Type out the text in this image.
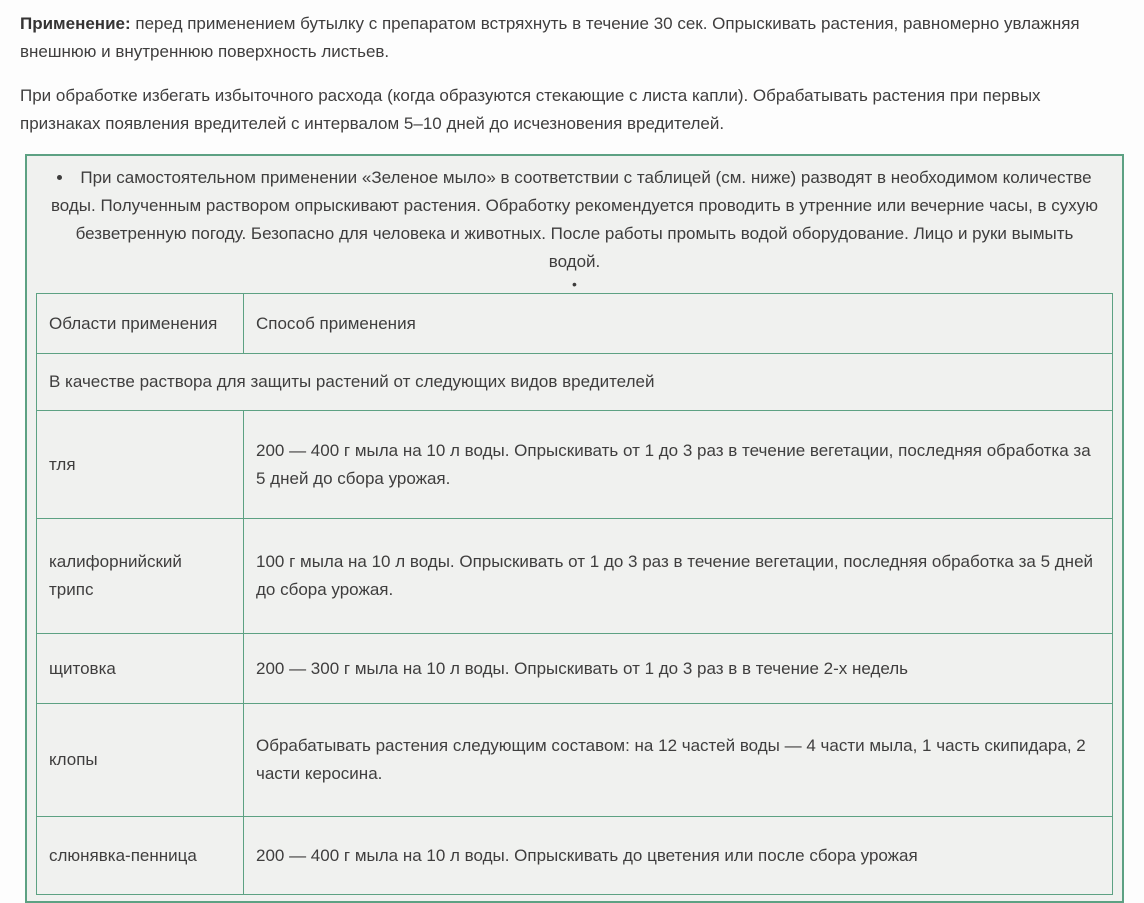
Применение: перед применением бутылку с препаратом встряхнуть в течение 30 сек. Опрыскивать растения, равномерно увлажняя внешнюю и внутреннюю поверхность листьев.

При обработке избегать избыточного расхода (когда образуются стекающие с листа капли). Обрабатывать растения при первых признаках появления вредителей с интервалом 5–10 дней до исчезновения вредителей.

• При самостоятельном применении «Зеленое мыло» в соответствии с таблицей (см. ниже) разводят в необходимом количестве воды. Полученным раствором опрыскивают растения. Обработку рекомендуется проводить в утренние или вечерние часы, в сухую безветренную погоду. Безопасно для человека и животных. После работы промыть водой оборудование. Лицо и руки вымыть водой.
•
Области применения	Способ применения
В качестве раствора для защиты растений от следующих видов вредителей	
тля	200 — 400 г мыла на 10 л воды. Опрыскивать от 1 до 3 раз в течение вегетации, последняя обработка за 5 дней до сбора урожая.
калифорнийский трипс	100 г мыла на 10 л воды. Опрыскивать от 1 до 3 раз в течение вегетации, последняя обработка за 5 дней до сбора урожая.
щитовка	200 — 300 г мыла на 10 л воды. Опрыскивать от 1 до 3 раз в в течение 2-х недель
клопы	Обрабатывать растения следующим составом: на 12 частей воды — 4 части мыла, 1 часть скипидара, 2 части керосина.
слюнявка-пенница	200 — 400 г мыла на 10 л воды. Опрыскивать до цветения или после сбора урожая
